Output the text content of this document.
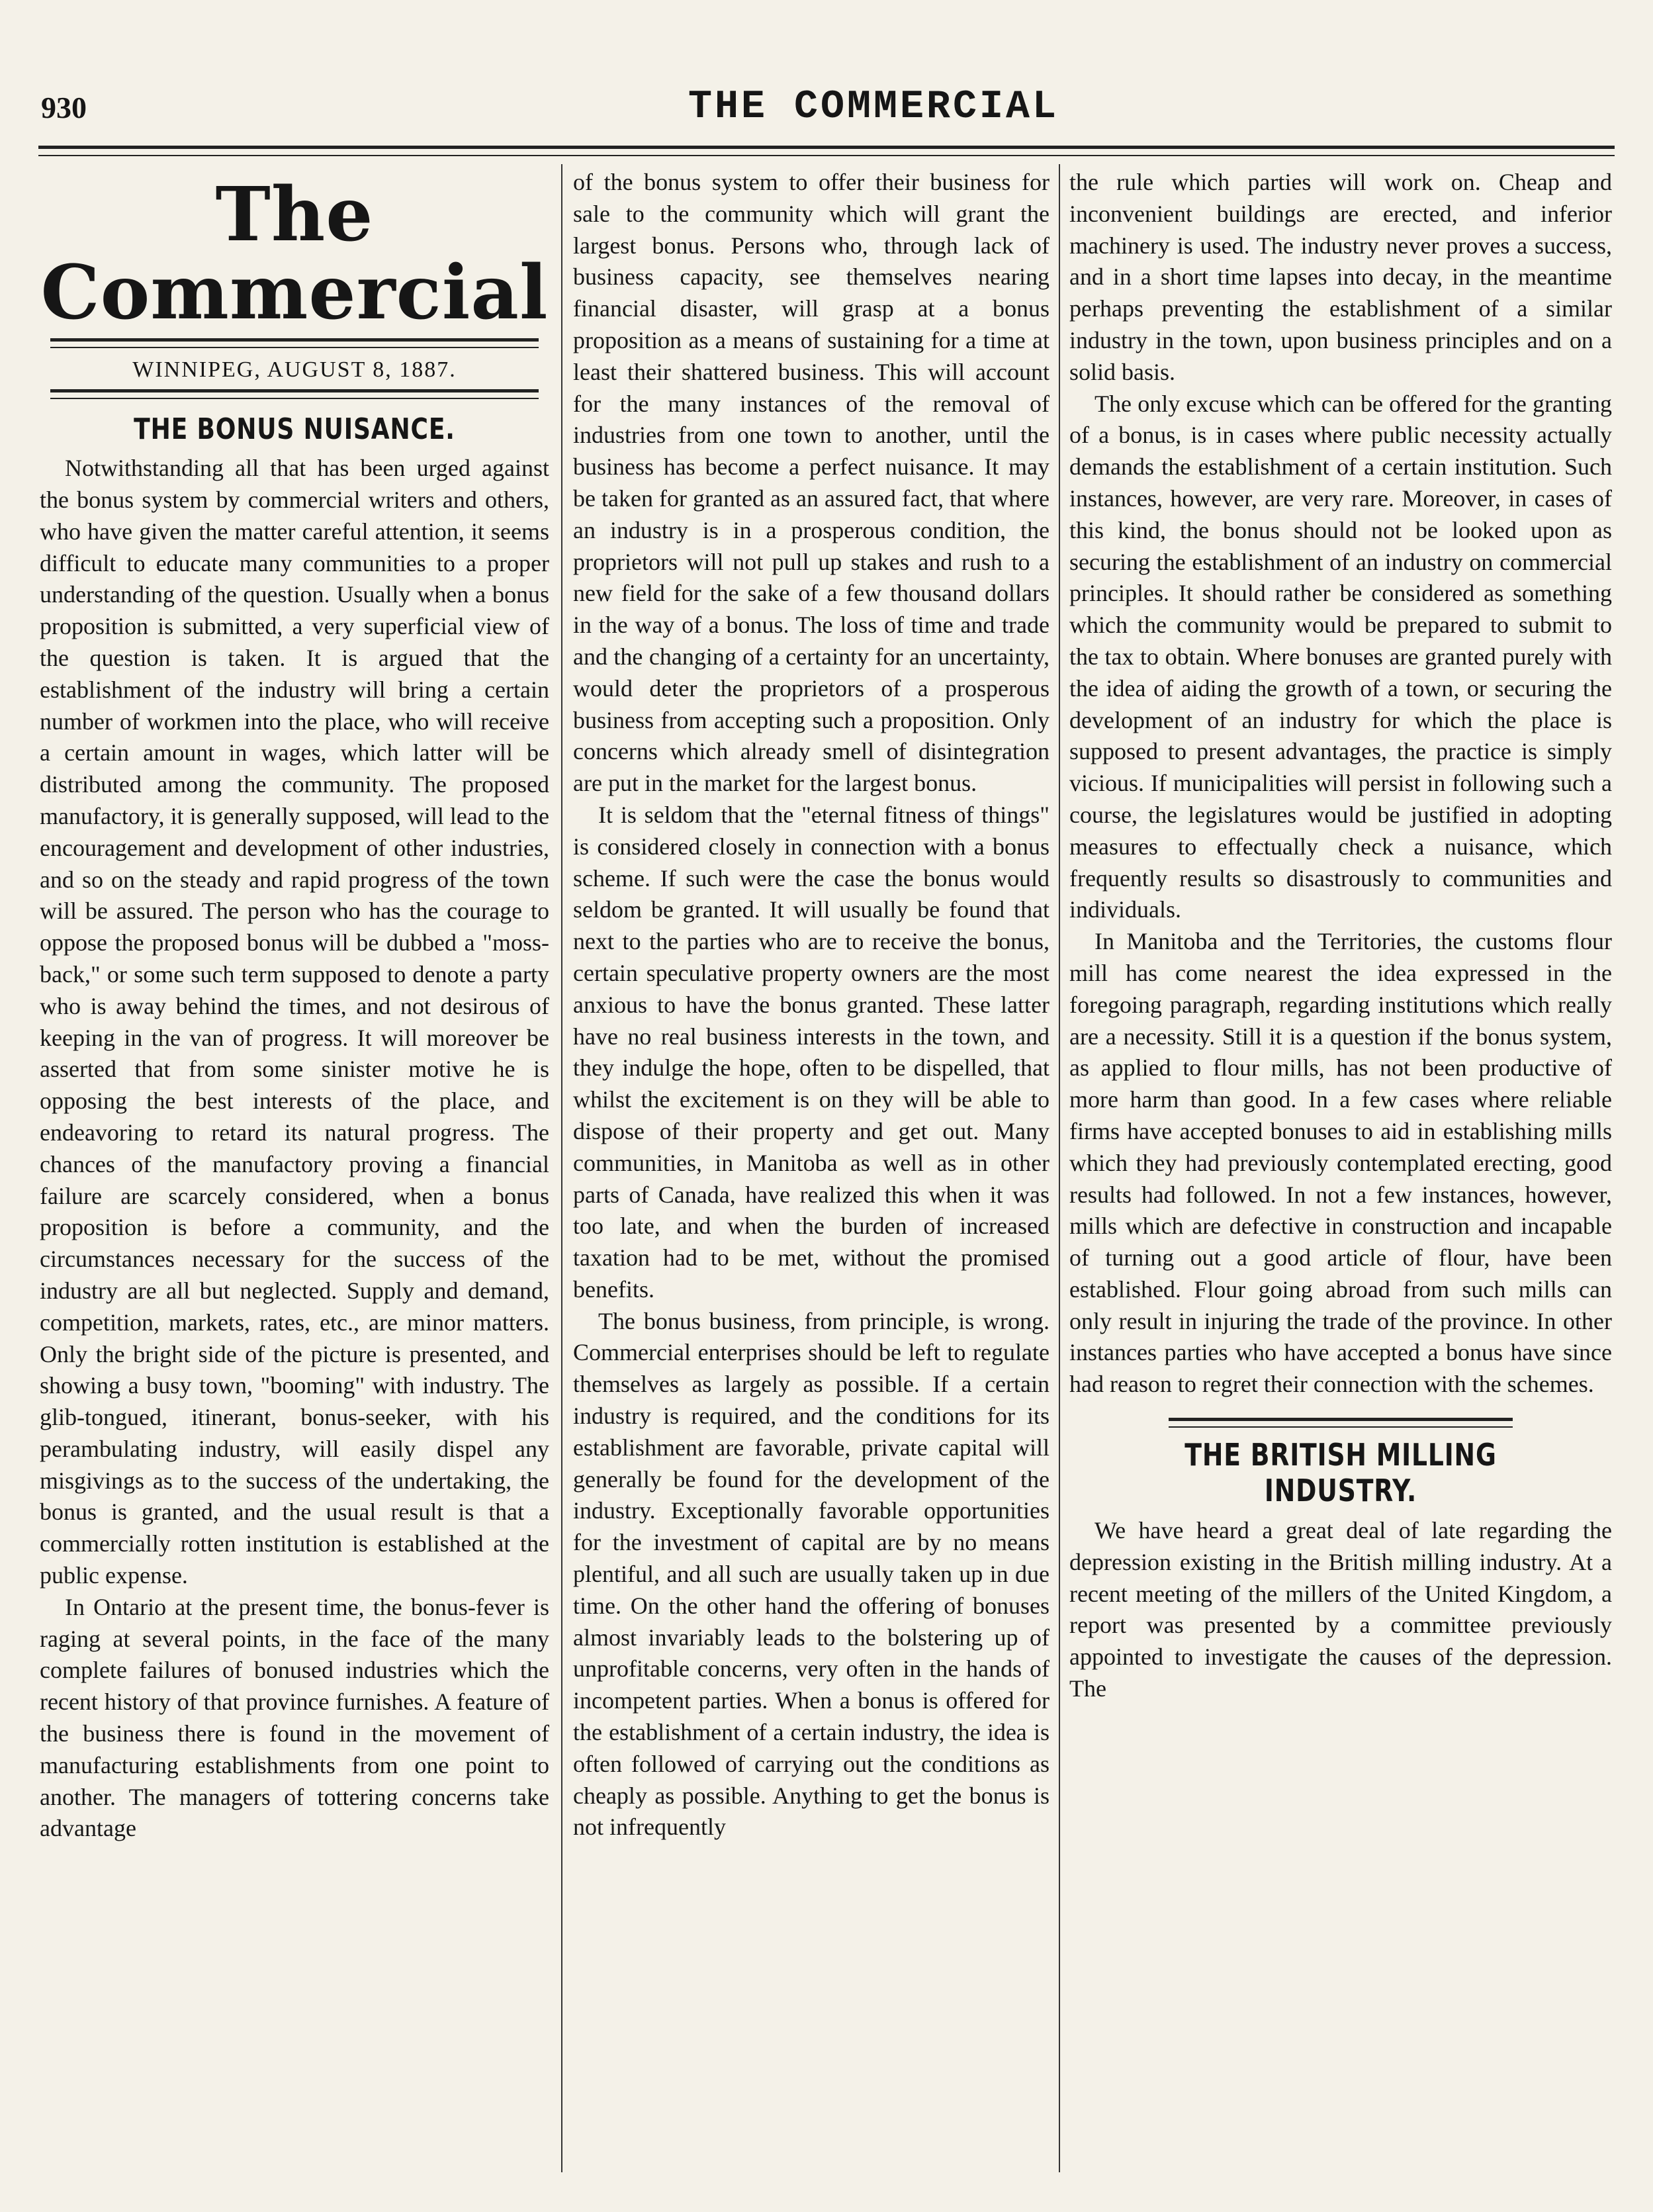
930	THE COMMERCIAL
The Commercial
WINNIPEG, AUGUST 8, 1887.
THE BONUS NUISANCE.

Notwithstanding all that has been urged against the bonus system by commercial writers and others, who have given the matter careful attention, it seems difficult to educate many communities to a proper understanding of the question. Usually when a bonus proposition is submitted, a very superficial view of the question is taken. It is argued that the establishment of the industry will bring a certain number of workmen into the place, who will receive a certain amount in wages, which latter will be distributed among the community. The proposed manufactory, it is generally supposed, will lead to the encouragement and development of other industries, and so on the steady and rapid progress of the town will be assured. The person who has the courage to oppose the proposed bonus will be dubbed a "moss-back," or some such term supposed to denote a party who is away behind the times, and not desirous of keeping in the van of progress. It will moreover be asserted that from some sinister motive he is opposing the best interests of the place, and endeavoring to retard its natural progress. The chances of the manufactory proving a financial failure are scarcely considered, when a bonus proposition is before a community, and the circumstances necessary for the success of the industry are all but neglected. Supply and demand, competition, markets, rates, etc., are minor matters. Only the bright side of the picture is presented, and showing a busy town, "booming" with industry. The glib-tongued, itinerant, bonus-seeker, with his perambulating industry, will easily dispel any misgivings as to the success of the undertaking, the bonus is granted, and the usual result is that a commercially rotten institution is established at the public expense.

In Ontario at the present time, the bonus-fever is raging at several points, in the face of the many complete failures of bonused industries which the recent history of that province furnishes. A feature of the business there is found in the movement of manufacturing establishments from one point to another. The managers of tottering concerns take advantage

of the bonus system to offer their business for sale to the community which will grant the largest bonus. Persons who, through lack of business capacity, see themselves nearing financial disaster, will grasp at a bonus proposition as a means of sustaining for a time at least their shattered business. This will account for the many instances of the removal of industries from one town to another, until the business has become a perfect nuisance. It may be taken for granted as an assured fact, that where an industry is in a prosperous condition, the proprietors will not pull up stakes and rush to a new field for the sake of a few thousand dollars in the way of a bonus. The loss of time and trade and the changing of a certainty for an uncertainty, would deter the proprietors of a prosperous business from accepting such a proposition. Only concerns which already smell of disintegration are put in the market for the largest bonus.

It is seldom that the "eternal fitness of things" is considered closely in connection with a bonus scheme. If such were the case the bonus would seldom be granted. It will usually be found that next to the parties who are to receive the bonus, certain speculative property owners are the most anxious to have the bonus granted. These latter have no real business interests in the town, and they indulge the hope, often to be dispelled, that whilst the excitement is on they will be able to dispose of their property and get out. Many communities, in Manitoba as well as in other parts of Canada, have realized this when it was too late, and when the burden of increased taxation had to be met, without the promised benefits.

The bonus business, from principle, is wrong. Commercial enterprises should be left to regulate themselves as largely as possible. If a certain industry is required, and the conditions for its establishment are favorable, private capital will generally be found for the development of the industry. Exceptionally favorable opportunities for the investment of capital are by no means plentiful, and all such are usually taken up in due time. On the other hand the offering of bonuses almost invariably leads to the bolstering up of unprofitable concerns, very often in the hands of incompetent parties. When a bonus is offered for the establishment of a certain industry, the idea is often followed of carrying out the conditions as cheaply as possible. Anything to get the bonus is not infrequently

the rule which parties will work on. Cheap and inconvenient buildings are erected, and inferior machinery is used. The industry never proves a success, and in a short time lapses into decay, in the meantime perhaps preventing the establishment of a similar industry in the town, upon business principles and on a solid basis.

The only excuse which can be offered for the granting of a bonus, is in cases where public necessity actually demands the establishment of a certain institution. Such instances, however, are very rare. Moreover, in cases of this kind, the bonus should not be looked upon as securing the establishment of an industry on commercial principles. It should rather be considered as something which the community would be prepared to submit to the tax to obtain. Where bonuses are granted purely with the idea of aiding the growth of a town, or securing the development of an industry for which the place is supposed to present advantages, the practice is simply vicious. If municipalities will persist in following such a course, the legislatures would be justified in adopting measures to effectually check a nuisance, which frequently results so disastrously to communities and individuals.

In Manitoba and the Territories, the customs flour mill has come nearest the idea expressed in the foregoing paragraph, regarding institutions which really are a necessity. Still it is a question if the bonus system, as applied to flour mills, has not been productive of more harm than good. In a few cases where reliable firms have accepted bonuses to aid in establishing mills which they had previously contemplated erecting, good results had followed. In not a few instances, however, mills which are defective in construction and incapable of turning out a good article of flour, have been established. Flour going abroad from such mills can only result in injuring the trade of the province. In other instances parties who have accepted a bonus have since had reason to regret their connection with the schemes.

THE BRITISH MILLING INDUSTRY.

We have heard a great deal of late regarding the depression existing in the British milling industry. At a recent meeting of the millers of the United Kingdom, a report was presented by a committee previously appointed to investigate the causes of the depression. The
